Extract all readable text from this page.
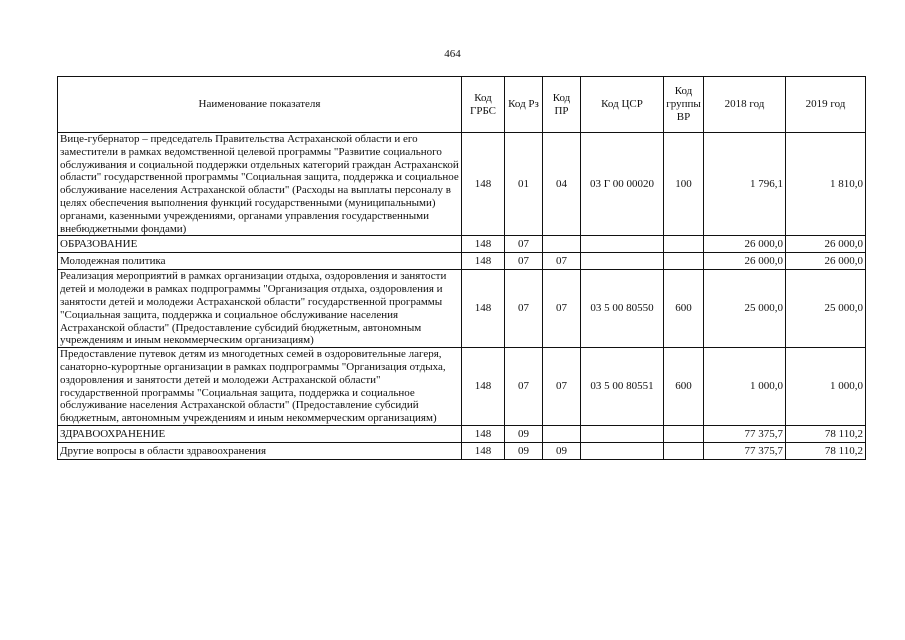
464
Наименование показателя	Код ГРБС	Код Рз	Код ПР	Код ЦСР	Код группы ВР	2018 год	2019 год
Вице-губернатор – председатель Правительства Астраханской области и его заместители в рамках ведомственной целевой программы "Развитие социального обслуживания и социальной поддержки отдельных категорий граждан Астраханской области" государственной программы "Социальная защита, поддержка и социальное обслуживание населения Астраханской области" (Расходы на выплаты персоналу в целях обеспечения выполнения функций государственными (муниципальными) органами, казенными учреждениями, органами управления государственными внебюджетными фондами)	148	01	04	03 Г 00 00020	100	1 796,1	1 810,0
ОБРАЗОВАНИЕ	148	07				26 000,0	26 000,0
Молодежная политика	148	07	07			26 000,0	26 000,0
Реализация мероприятий в рамках организации отдыха, оздоровления и занятости детей и молодежи в рамках подпрограммы "Организация отдыха, оздоровления и занятости детей и молодежи Астраханской области" государственной программы "Социальная защита, поддержка и социальное обслуживание населения Астраханской области" (Предоставление субсидий бюджетным, автономным учреждениям и иным некоммерческим организациям)	148	07	07	03 5 00 80550	600	25 000,0	25 000,0
Предоставление путевок детям из многодетных семей в оздоровительные лагеря, санаторно-курортные организации в рамках подпрограммы "Организация отдыха, оздоровления и занятости детей и молодежи Астраханской области" государственной программы "Социальная защита, поддержка и социальное обслуживание населения Астраханской области" (Предоставление субсидий бюджетным, автономным учреждениям и иным некоммерческим организациям)	148	07	07	03 5 00 80551	600	1 000,0	1 000,0
ЗДРАВООХРАНЕНИЕ	148	09				77 375,7	78 110,2
Другие вопросы в области здравоохранения	148	09	09			77 375,7	78 110,2
